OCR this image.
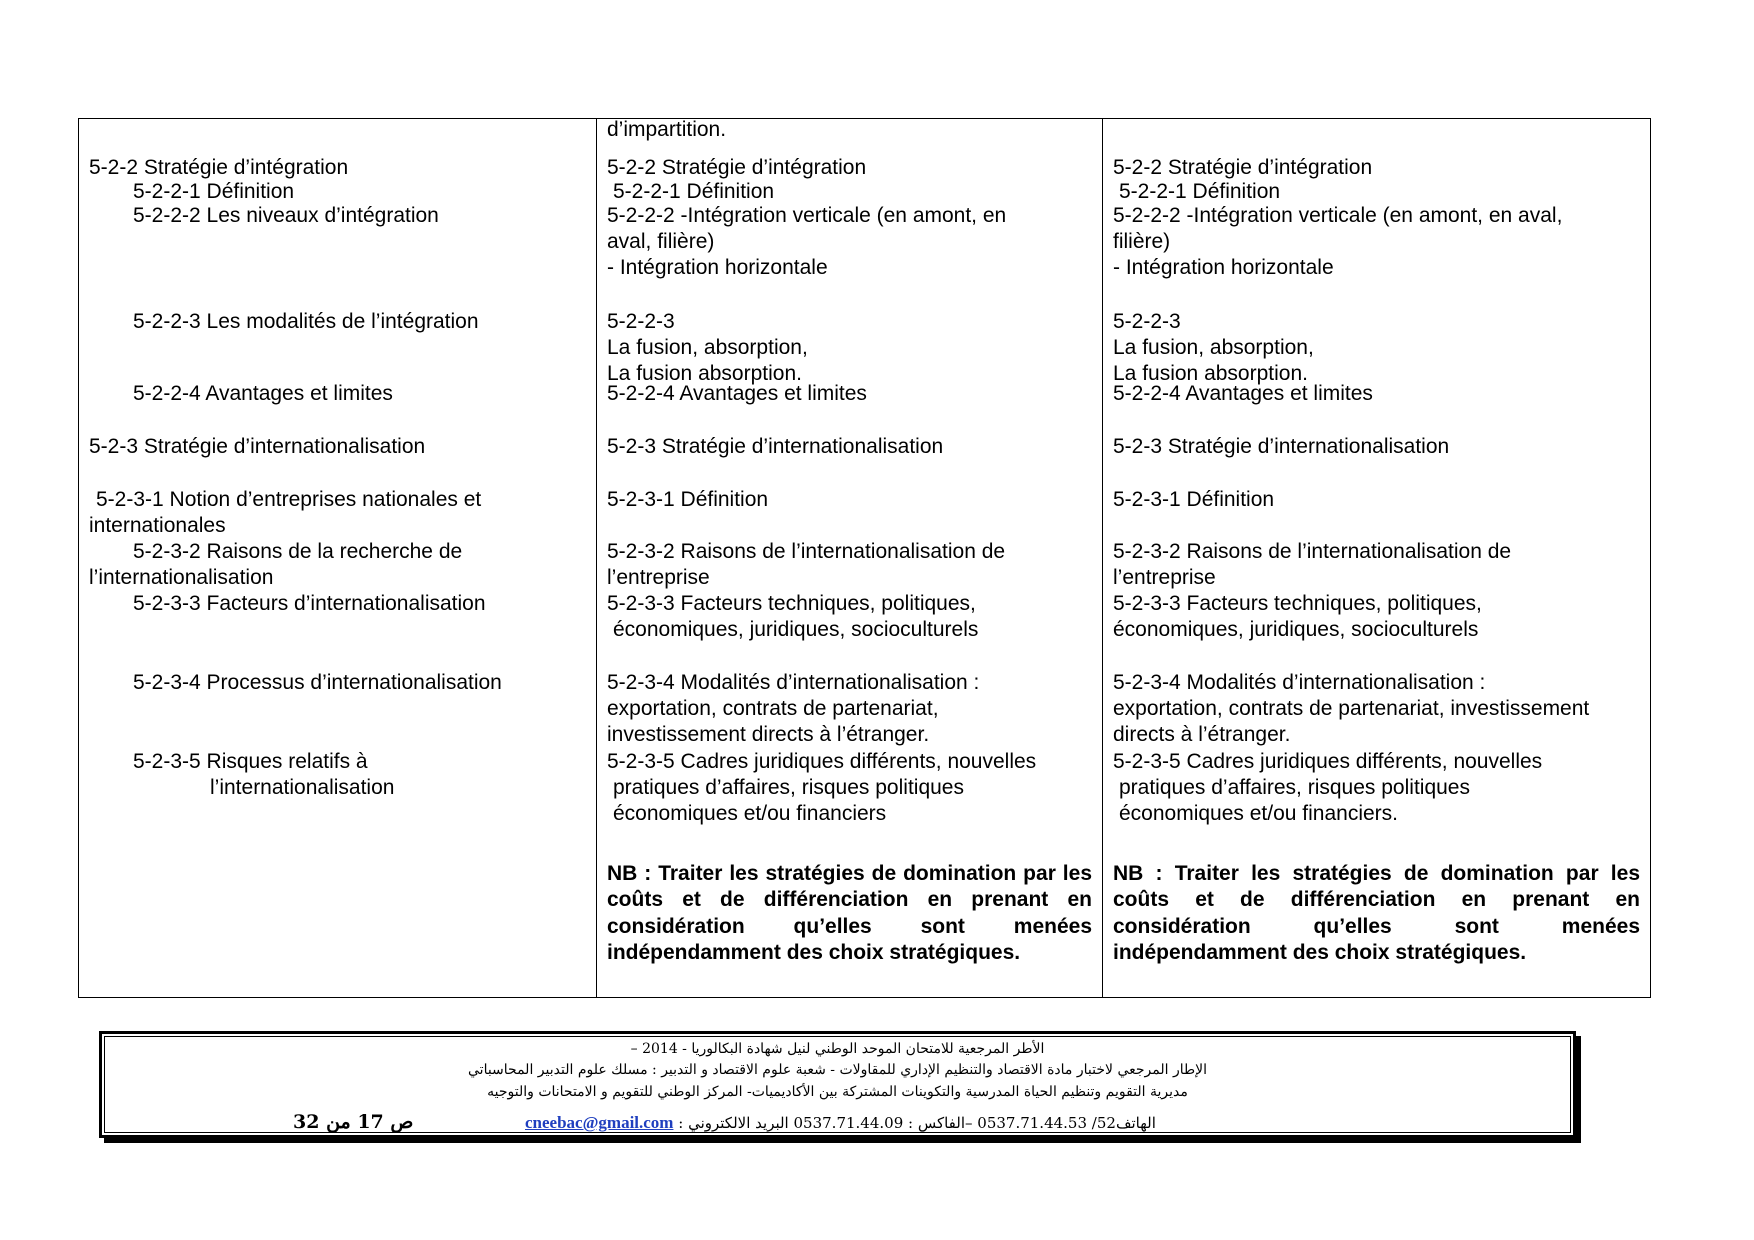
5-2-2 Stratégie d’intégration
5-2-2-1 Définition
5-2-2-2 Les niveaux d’intégration
5-2-2-3 Les modalités de l’intégration
5-2-2-4 Avantages et limites
5-2-3 Stratégie d’internationalisation
5-2-3-1 Notion d’entreprises nationales et
internationales
5-2-3-2 Raisons de la recherche de
l’internationalisation
5-2-3-3 Facteurs d’internationalisation
5-2-3-4 Processus d’internationalisation
5-2-3-5 Risques relatifs à
l’internationalisation
d’impartition.
5-2-2 Stratégie d’intégration
5-2-2-1 Définition
5-2-2-2 -Intégration verticale (en amont, en
aval, filière)
- Intégration horizontale
5-2-2-3
La fusion, absorption,
La fusion absorption.
5-2-2-4 Avantages et limites
5-2-3 Stratégie d’internationalisation
5-2-3-1 Définition
5-2-3-2 Raisons de l’internationalisation de
l’entreprise
5-2-3-3 Facteurs techniques, politiques,
économiques, juridiques, socioculturels
5-2-3-4 Modalités d’internationalisation :
exportation, contrats de partenariat,
investissement directs à l’étranger.
5-2-3-5 Cadres juridiques différents, nouvelles
pratiques d’affaires, risques politiques
économiques et/ou financiers
NB : Traiter les stratégies de domination par les coûts et de différenciation en prenant en considération qu’elles sont menées indépendamment des choix stratégiques.
5-2-2 Stratégie d’intégration
5-2-2-1 Définition
5-2-2-2 -Intégration verticale (en amont, en aval,
filière)
- Intégration horizontale
5-2-2-3
La fusion, absorption,
La fusion absorption.
5-2-2-4 Avantages et limites
5-2-3 Stratégie d’internationalisation
5-2-3-1 Définition
5-2-3-2 Raisons de l’internationalisation de
l’entreprise
5-2-3-3 Facteurs techniques, politiques,
économiques, juridiques, socioculturels
5-2-3-4 Modalités d’internationalisation :
exportation, contrats de partenariat, investissement
directs à l’étranger.
5-2-3-5 Cadres juridiques différents, nouvelles
pratiques d’affaires, risques politiques
économiques et/ou financiers.
NB : Traiter les stratégies de domination par les coûts et de différenciation en prenant en considération qu’elles sont menées indépendamment des choix stratégiques.
الأطر المرجعية للامتحان الموحد الوطني لنيل شهادة البكالوريا - 2014 –
الإطار المرجعي لاختبار مادة الاقتصاد والتنظيم الإداري للمقاولات - شعبة علوم الاقتصاد و التدبير : مسلك علوم التدبير المحاسباتي
مديرية التقويم وتنظيم الحياة المدرسية والتكوينات المشتركة بين الأكاديميات- المركز الوطني للتقويم و الامتحانات والتوجيه
الهاتف52/ 0537.71.44.53 –الفاكس : 0537.71.44.09 البريد الالكتروني : cneebac@gmail.com
ص 17 من 32
